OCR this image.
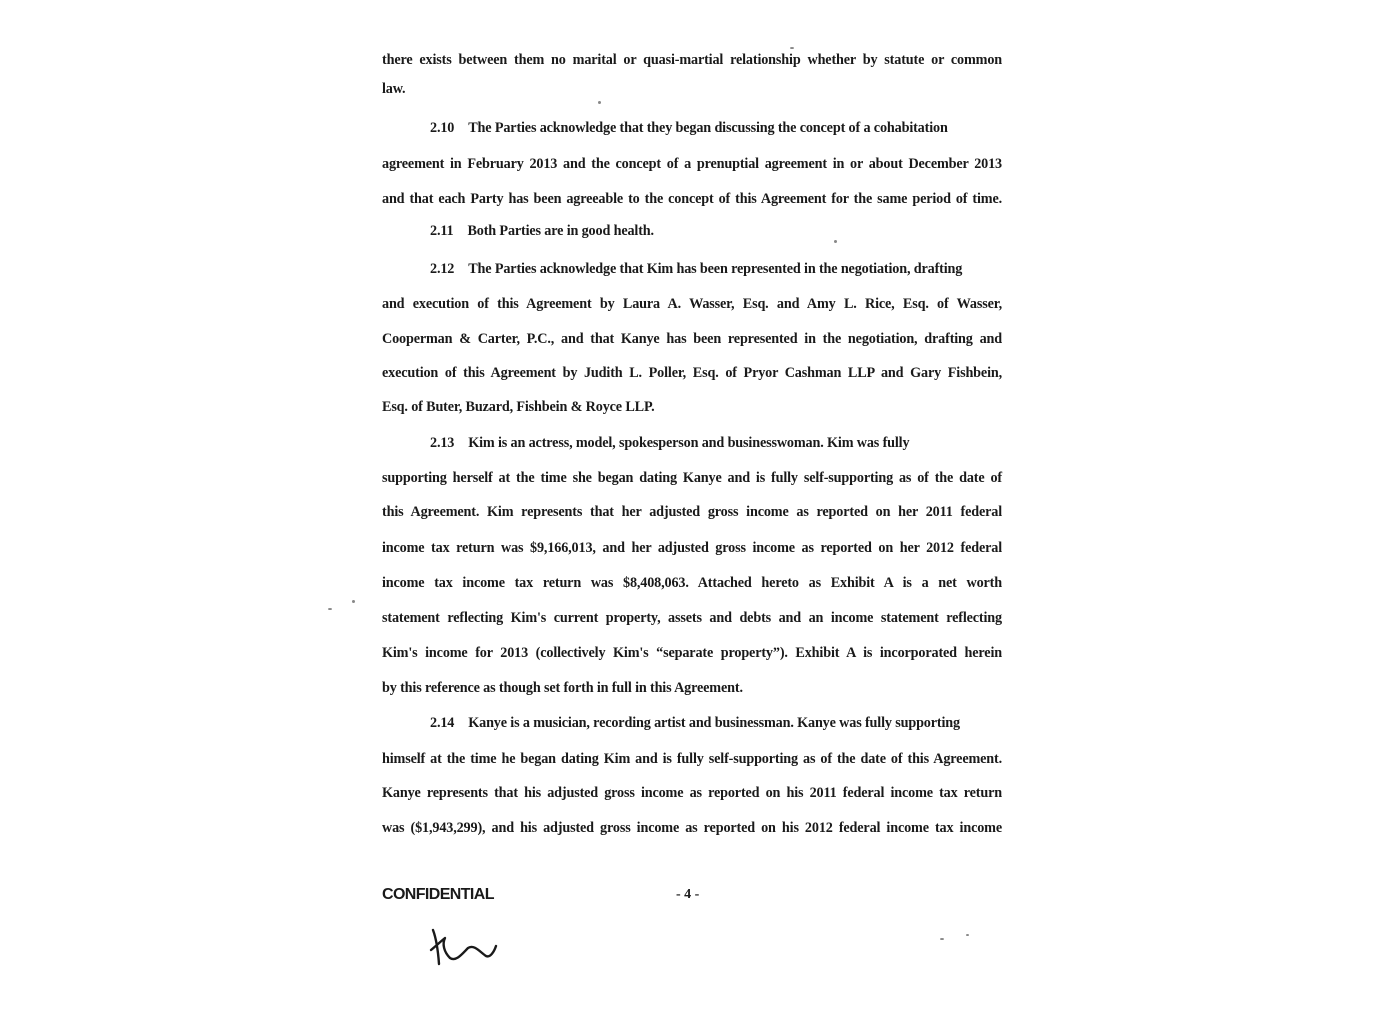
there exists between them no marital or quasi-martial relationship whether by statute or common
law.
2.10 The Parties acknowledge that they began discussing the concept of a cohabitation
agreement in February 2013 and the concept of a prenuptial agreement in or about December 2013
and that each Party has been agreeable to the concept of this Agreement for the same period of time.
2.11 Both Parties are in good health.
2.12 The Parties acknowledge that Kim has been represented in the negotiation, drafting
and execution of this Agreement by Laura A. Wasser, Esq. and Amy L. Rice, Esq. of Wasser,
Cooperman & Carter, P.C., and that Kanye has been represented in the negotiation, drafting and
execution of this Agreement by Judith L. Poller, Esq. of Pryor Cashman LLP and Gary Fishbein,
Esq. of Buter, Buzard, Fishbein & Royce LLP.
2.13 Kim is an actress, model, spokesperson and businesswoman. Kim was fully
supporting herself at the time she began dating Kanye and is fully self-supporting as of the date of
this Agreement. Kim represents that her adjusted gross income as reported on her 2011 federal
income tax return was $9,166,013, and her adjusted gross income as reported on her 2012 federal
income tax income tax return was $8,408,063. Attached hereto as Exhibit A is a net worth
statement reflecting Kim's current property, assets and debts and an income statement reflecting
Kim's income for 2013 (collectively Kim's “separate property”). Exhibit A is incorporated herein
by this reference as though set forth in full in this Agreement.
2.14 Kanye is a musician, recording artist and businessman. Kanye was fully supporting
himself at the time he began dating Kim and is fully self-supporting as of the date of this Agreement.
Kanye represents that his adjusted gross income as reported on his 2011 federal income tax return
was ($1,943,299), and his adjusted gross income as reported on his 2012 federal income tax income
CONFIDENTIAL	- 4 -
